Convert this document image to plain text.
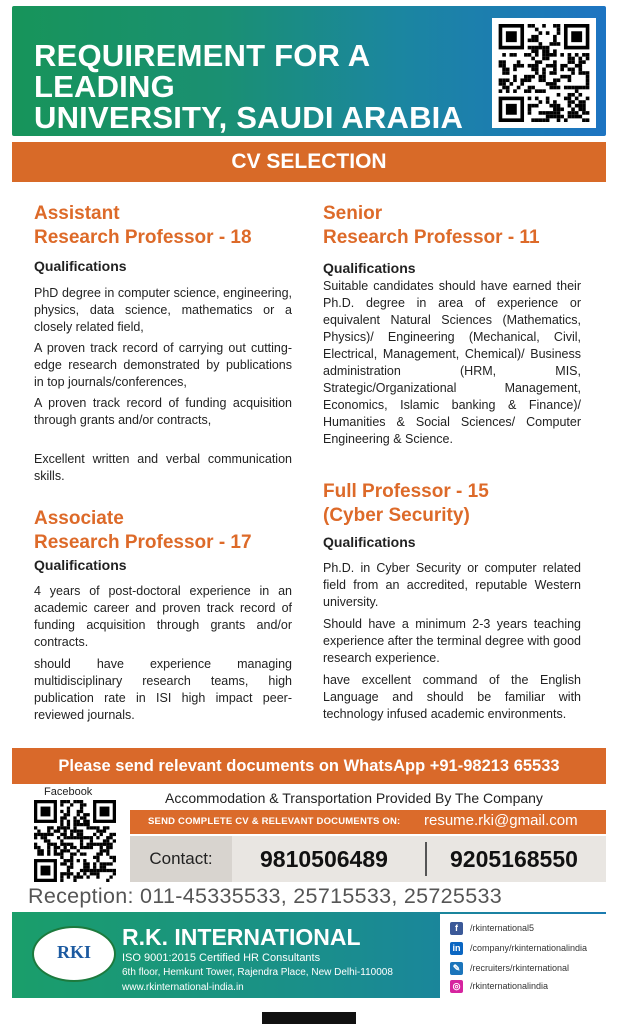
REQUIREMENT FOR A LEADING
UNIVERSITY, SAUDI ARABIA
CV SELECTION
Assistant
Research Professor - 18
Qualifications
PhD degree in computer science, engineering, physics, data science, mathematics or a closely related field,
A proven track record of carrying out cutting-edge research demonstrated by publications in top journals/conferences,
A proven track record of funding acquisition through grants and/or contracts,
Excellent written and verbal communication skills.
Associate
Research Professor - 17
Qualifications
4 years of post-doctoral experience in an academic career and proven track record of funding acquisition through grants and/or contracts.
should have experience managing multidisciplinary research teams, high publication rate in ISI high impact peer-reviewed journals.
Senior
Research Professor - 11
Qualifications
Suitable candidates should have earned their Ph.D. degree in area of experience or equivalent Natural Sciences (Mathematics, Physics)/ Engineering (Mechanical, Civil, Electrical, Management, Chemical)/ Business administration (HRM, MIS, Strategic/Organizational Management, Economics, Islamic banking & Finance)/ Humanities & Social Sciences/ Computer Engineering & Science.
Full Professor - 15
(Cyber Security)
Qualifications
Ph.D. in Cyber Security or computer related field from an accredited, reputable Western university.
Should have a minimum 2-3 years teaching experience after the terminal degree with good research experience.
have excellent command of the English Language and should be familiar with technology infused academic environments.
Please send relevant documents on WhatsApp +91-98213 65533
Facebook	Accommodation & Transportation Provided By The Company
SEND COMPLETE CV & RELEVANT DOCUMENTS ON: resume.rki@gmail.com
Contact:	9810506489	9205168550
Reception: 011-45335533, 25715533, 25725533
RKI
R.K. INTERNATIONAL
ISO 9001:2015 Certified HR Consultants
6th floor, Hemkunt Tower, Rajendra Place, New Delhi-110008
www.rkinternational-india.in
f	/rkinternational5
in /company/rkinternationalindia
✎	/recruiters/rkinternational
◎ /rkinternationalindia
